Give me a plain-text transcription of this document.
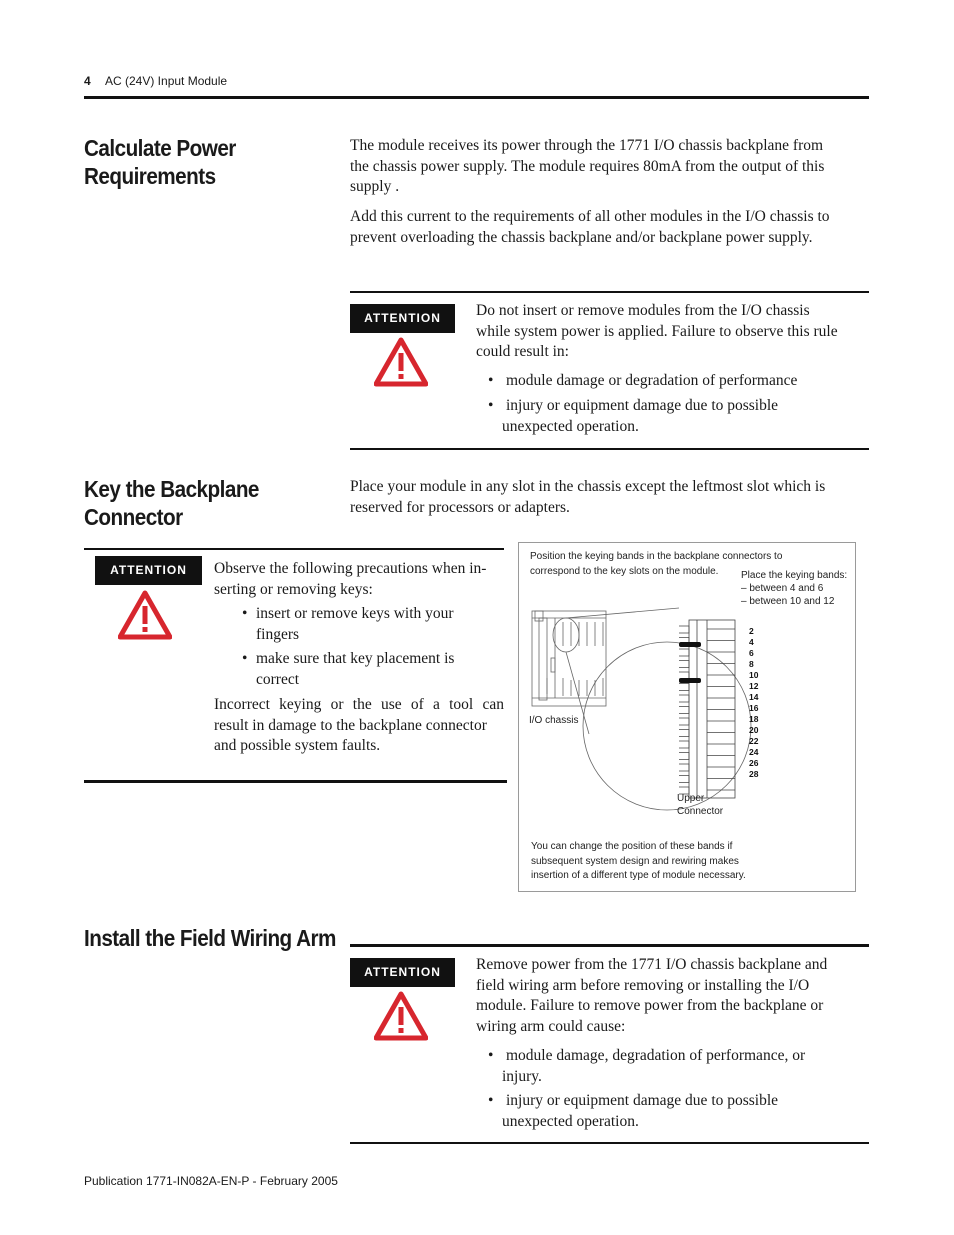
4 AC (24V) Input Module
Calculate Power
Requirements
The module receives its power through the 1771 I/O chassis backplane from
the chassis power supply. The module requires 80mA from the output of this
supply .
Add this current to the requirements of all other modules in the I/O chassis to
prevent overloading the chassis backplane and/or backplane power supply.
ATTENTION	Do not insert or remove modules from the I/O chassis
while system power is applied. Failure to observe this rule
could result in:
• module damage or degradation of performance
• injury or equipment damage due to possible
unexpected operation.
Key the Backplane
Connector
Place your module in any slot in the chassis except the leftmost slot which is
reserved for processors or adapters.
ATTENTION	Observe the following precautions when in-
serting or removing keys:
• insert or remove keys with your
fingers
• make sure that key placement is
correct
Incorrect keying or the use of a tool can
result in damage to the backplane connector
and possible system faults.
Position the keying bands in the backplane connectors to
correspond to the key slots on the module.	Place the keying bands:
– between 4 and 6
– between 10 and 12
2
4
6
8
10
12
14
16
18
20
22
24
26
28
I/O chassis
Upper
Connector
You can change the position of these bands if
subsequent system design and rewiring makes
insertion of a different type of module necessary.
Install the Field Wiring Arm
ATTENTION	Remove power from the 1771 I/O chassis backplane and
field wiring arm before removing or installing the I/O
module. Failure to remove power from the backplane or
wiring arm could cause:
• module damage, degradation of performance, or
injury.
• injury or equipment damage due to possible
unexpected operation.
Publication 1771-IN082A-EN-P - February 2005
